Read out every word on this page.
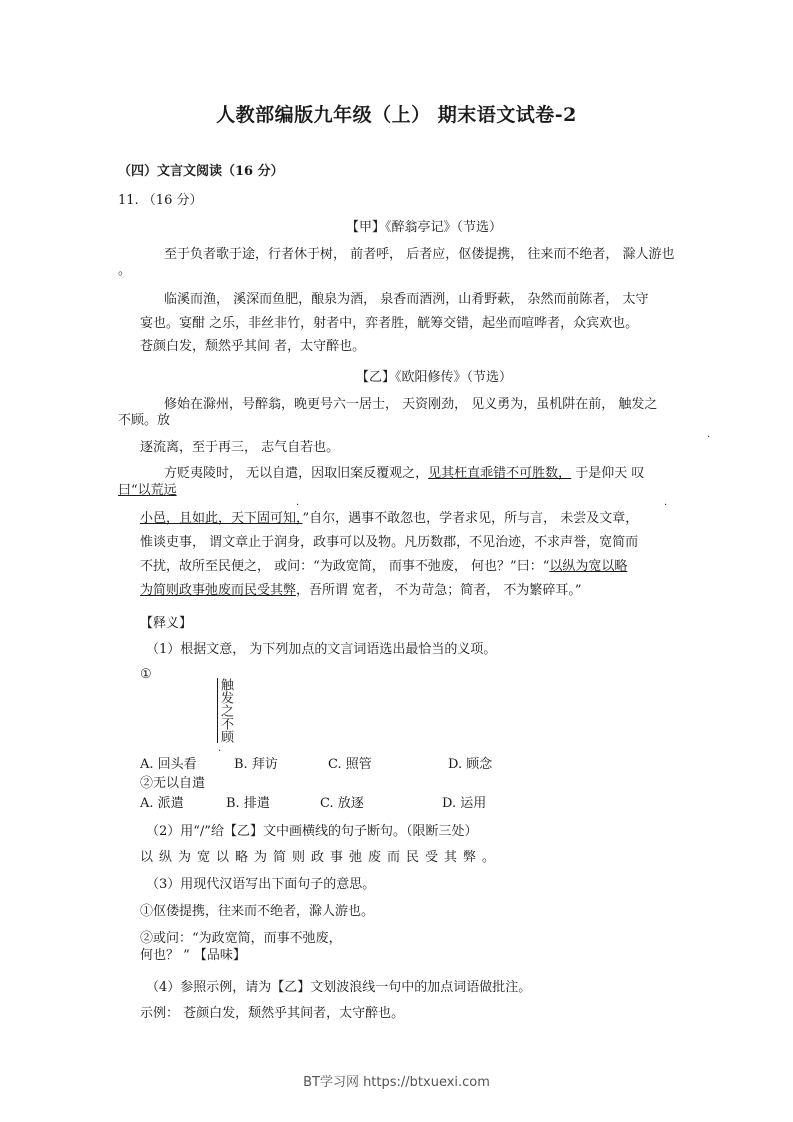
人教部编版九年级（上） 期末语文试卷-2
（四）文言文阅读（16 分）
11. （16 分）
【甲】《醉翁亭记》（节选）
至于负者歌于途，行者休于树， 前者呼， 后者应，伛偻提携， 往来而不绝者， 滁人游也
。
临溪而渔， 溪深而鱼肥，酿泉为酒， 泉香而酒洌，山肴野蔌， 杂然而前陈者， 太守
宴也。宴酣 之乐，非丝非竹，射者中，弈者胜，觥筹交错，起坐而喧哗者，众宾欢也。
苍颜白发，颓然乎其间 者，太守醉也。
【乙】《欧阳修传》（节选）
修始在滁州，号醉翁，晚更号六一居士， 天资刚劲， 见义勇为，虽机阱在前， 触发之
不顾。放
.
逐流离，至于再三， 志气自若也。
方贬夷陵时， 无以自遣，因取旧案反覆观之，见其枉直乖错不可胜数， 于是仰天 叹
曰“以荒远
.	.
小邑，且如此，天下固可知，”自尔，遇事不敢忽也，学者求见，所与言， 未尝及文章，
惟谈吏事， 谓文章止于润身，政事可以及物。凡历数郡，不见治迹，不求声誉，宽简而
不扰，故所至民便之， 或问：“为政宽简， 而事不弛废， 何也？”曰：“以纵为宽以略
为简则政事弛废而民受其弊，吾所谓 宽者， 不为苛急；简者， 不为繁碎耳。”
【释义】
（1）根据文意， 为下列加点的文言词语选出最恰当的义项。
①
触发之不顾
.
A. 回头看	B. 拜访	C. 照管	D. 顾念
②无以自遣
A. 派遣	B. 排遣	C. 放逐	D. 运用
（2）用“/”给【乙】文中画横线的句子断句。（限断三处）
以纵为宽以略为简则政事弛废而民受其弊。
（3）用现代汉语写出下面句子的意思。
①伛偻提携，往来而不绝者，滁人游也。
②或问：“为政宽简，而事不弛废，
何也？ ” 【品味】
（4）参照示例，请为【乙】文划波浪线一句中的加点词语做批注。
示例： 苍颜白发，颓然乎其间者，太守醉也。
BT学习网 https://btxuexi.com
